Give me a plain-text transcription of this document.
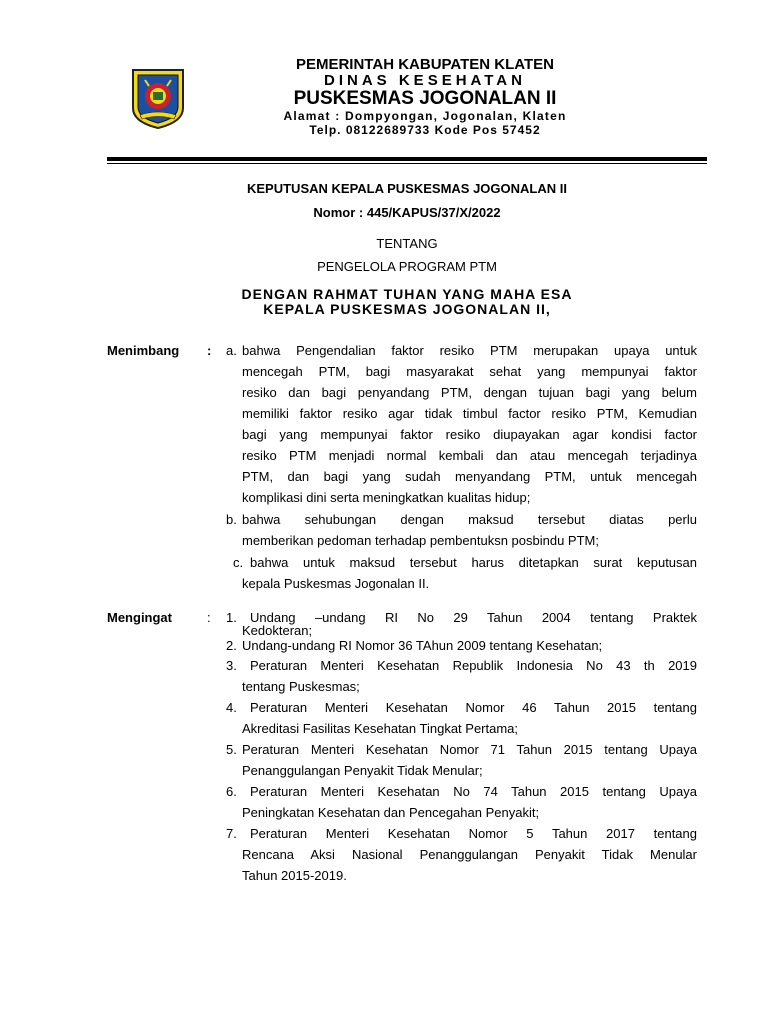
PEMERINTAH KABUPATEN KLATEN
DINAS KESEHATAN
PUSKESMAS JOGONALAN II
Alamat : Dompyongan, Jogonalan, Klaten
Telp. 08122689733 Kode Pos 57452
KEPUTUSAN KEPALA PUSKESMAS JOGONALAN II
Nomor : 445/KAPUS/37/X/2022
TENTANG
PENGELOLA PROGRAM PTM
DENGAN RAHMAT TUHAN YANG MAHA ESA
KEPALA PUSKESMAS JOGONALAN II,
Menimbang : a. bahwa Pengendalian faktor resiko PTM merupakan upaya untuk
mencegah PTM, bagi masyarakat sehat yang mempunyai faktor
resiko dan bagi penyandang PTM, dengan tujuan bagi yang belum
memiliki faktor resiko agar tidak timbul factor resiko PTM, Kemudian
bagi yang mempunyai faktor resiko diupayakan agar kondisi factor
resiko PTM menjadi normal kembali dan atau mencegah terjadinya
PTM, dan bagi yang sudah menyandang PTM, untuk mencegah
komplikasi dini serta meningkatkan kualitas hidup;
b. bahwa sehubungan dengan maksud tersebut diatas perlu
memberikan pedoman terhadap pembentuksn posbindu PTM;
c. bahwa untuk maksud tersebut harus ditetapkan surat keputusan
kepala Puskesmas Jogonalan II.
Mengingat	: 1. Undang –undang RI No 29 Tahun 2004 tentang Praktek
Kedokteran;
2. Undang-undang RI Nomor 36 TAhun 2009 tentang Kesehatan;
3. Peraturan Menteri Kesehatan Republik Indonesia No 43 th 2019
tentang Puskesmas;
4. Peraturan Menteri Kesehatan Nomor 46 Tahun 2015 tentang
Akreditasi Fasilitas Kesehatan Tingkat Pertama;
5. Peraturan Menteri Kesehatan Nomor 71 Tahun 2015 tentang Upaya
Penanggulangan Penyakit Tidak Menular;
6. Peraturan Menteri Kesehatan No 74 Tahun 2015 tentang Upaya
Peningkatan Kesehatan dan Pencegahan Penyakit;
7. Peraturan Menteri Kesehatan Nomor 5 Tahun 2017 tentang
Rencana Aksi Nasional Penanggulangan Penyakit Tidak Menular
Tahun 2015-2019.
